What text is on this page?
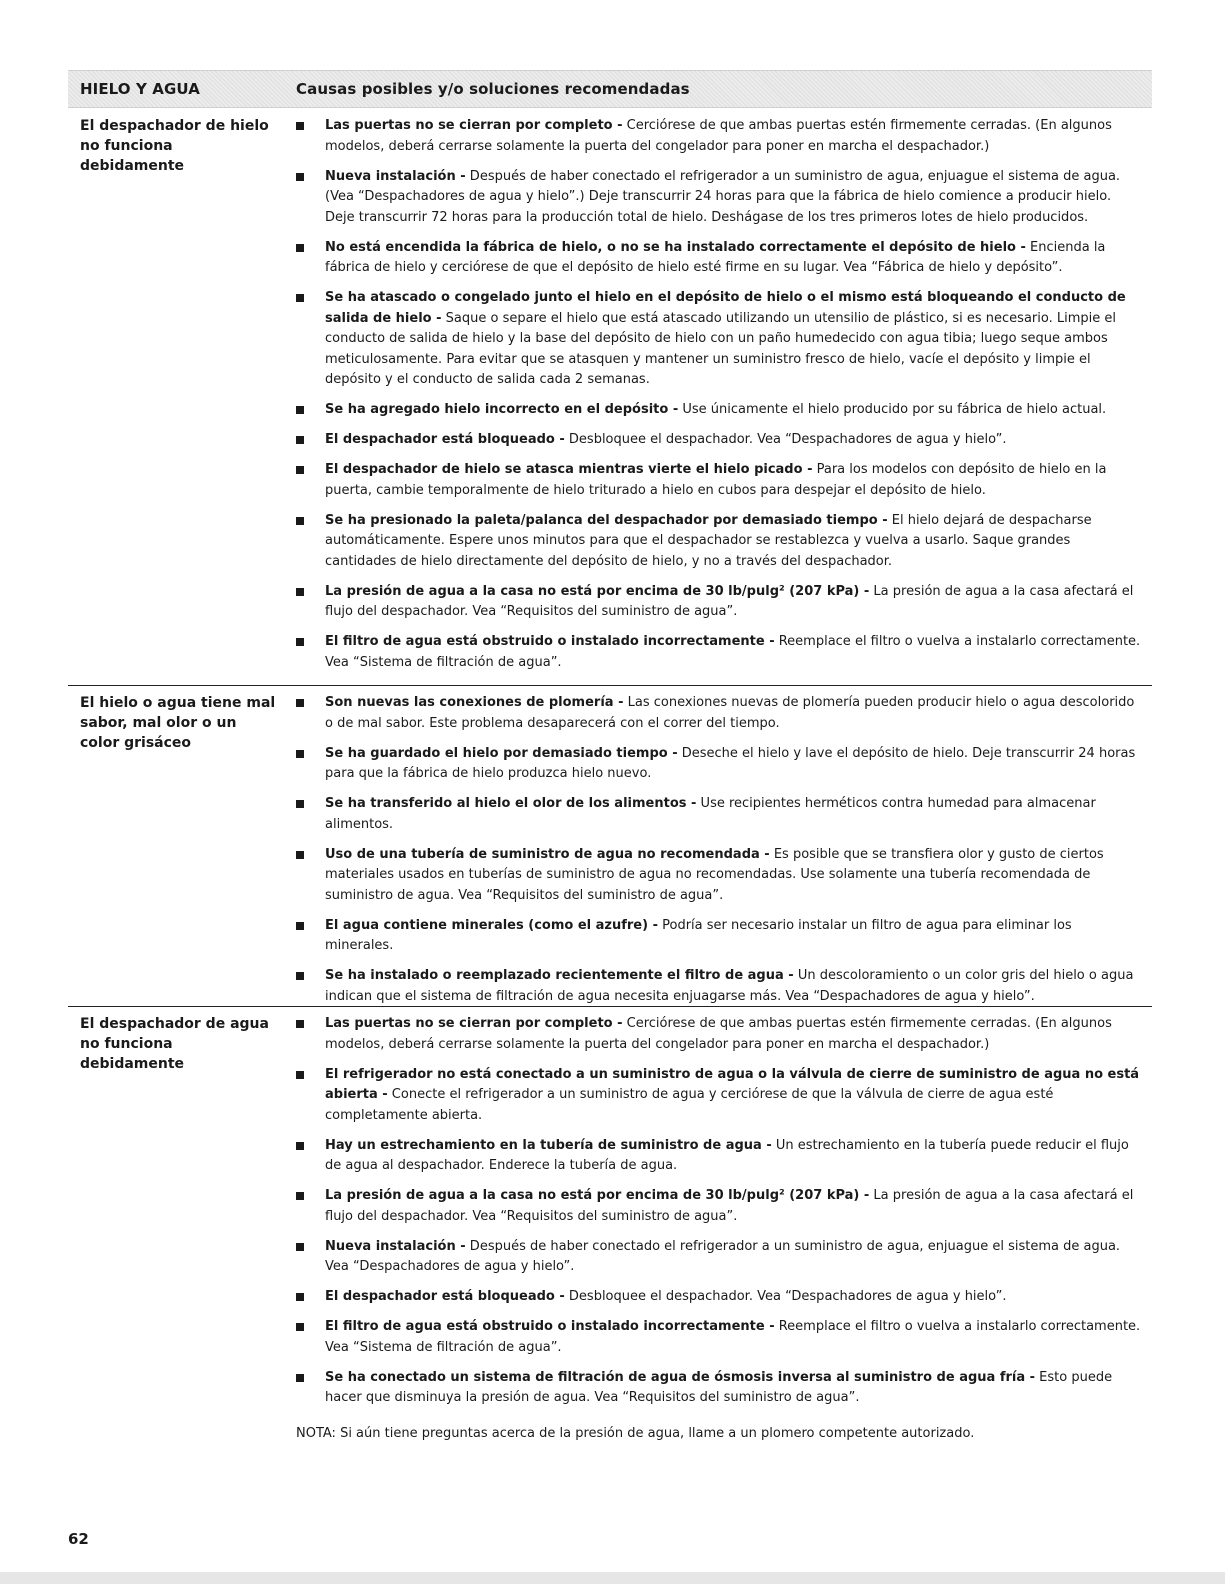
HIELO Y AGUA	Causas posibles y/o soluciones recomendadas
El despachador de hielo no funciona debidamente
Las puertas no se cierran por completo - Cerciórese de que ambas puertas estén firmemente cerradas. (En algunos modelos, deberá cerrarse solamente la puerta del congelador para poner en marcha el despachador.)
Nueva instalación - Después de haber conectado el refrigerador a un suministro de agua, enjuague el sistema de agua. (Vea “Despachadores de agua y hielo”.) Deje transcurrir 24 horas para que la fábrica de hielo comience a producir hielo. Deje transcurrir 72 horas para la producción total de hielo. Deshágase de los tres primeros lotes de hielo producidos.
No está encendida la fábrica de hielo, o no se ha instalado correctamente el depósito de hielo - Encienda la fábrica de hielo y cerciórese de que el depósito de hielo esté firme en su lugar. Vea “Fábrica de hielo y depósito”.
Se ha atascado o congelado junto el hielo en el depósito de hielo o el mismo está bloqueando el conducto de salida de hielo - Saque o separe el hielo que está atascado utilizando un utensilio de plástico, si es necesario. Limpie el conducto de salida de hielo y la base del depósito de hielo con un paño humedecido con agua tibia; luego seque ambos meticulosamente. Para evitar que se atasquen y mantener un suministro fresco de hielo, vacíe el depósito y limpie el depósito y el conducto de salida cada 2 semanas.
Se ha agregado hielo incorrecto en el depósito - Use únicamente el hielo producido por su fábrica de hielo actual.
El despachador está bloqueado - Desbloquee el despachador. Vea “Despachadores de agua y hielo”.
El despachador de hielo se atasca mientras vierte el hielo picado - Para los modelos con depósito de hielo en la puerta, cambie temporalmente de hielo triturado a hielo en cubos para despejar el depósito de hielo.
Se ha presionado la paleta/palanca del despachador por demasiado tiempo - El hielo dejará de despacharse automáticamente. Espere unos minutos para que el despachador se restablezca y vuelva a usarlo. Saque grandes cantidades de hielo directamente del depósito de hielo, y no a través del despachador.
La presión de agua a la casa no está por encima de 30 lb/pulg² (207 kPa) - La presión de agua a la casa afectará el flujo del despachador. Vea “Requisitos del suministro de agua”.
El filtro de agua está obstruido o instalado incorrectamente - Reemplace el filtro o vuelva a instalarlo correctamente. Vea “Sistema de filtración de agua”.
El hielo o agua tiene mal sabor, mal olor o un color grisáceo
Son nuevas las conexiones de plomería - Las conexiones nuevas de plomería pueden producir hielo o agua descolorido o de mal sabor. Este problema desaparecerá con el correr del tiempo.
Se ha guardado el hielo por demasiado tiempo - Deseche el hielo y lave el depósito de hielo. Deje transcurrir 24 horas para que la fábrica de hielo produzca hielo nuevo.
Se ha transferido al hielo el olor de los alimentos - Use recipientes herméticos contra humedad para almacenar alimentos.
Uso de una tubería de suministro de agua no recomendada - Es posible que se transfiera olor y gusto de ciertos materiales usados en tuberías de suministro de agua no recomendadas. Use solamente una tubería recomendada de suministro de agua. Vea “Requisitos del suministro de agua”.
El agua contiene minerales (como el azufre) - Podría ser necesario instalar un filtro de agua para eliminar los minerales.
Se ha instalado o reemplazado recientemente el filtro de agua - Un descoloramiento o un color gris del hielo o agua indican que el sistema de filtración de agua necesita enjuagarse más. Vea “Despachadores de agua y hielo”.
El despachador de agua no funciona debidamente
Las puertas no se cierran por completo - Cerciórese de que ambas puertas estén firmemente cerradas. (En algunos modelos, deberá cerrarse solamente la puerta del congelador para poner en marcha el despachador.)
El refrigerador no está conectado a un suministro de agua o la válvula de cierre de suministro de agua no está abierta - Conecte el refrigerador a un suministro de agua y cerciórese de que la válvula de cierre de agua esté completamente abierta.
Hay un estrechamiento en la tubería de suministro de agua - Un estrechamiento en la tubería puede reducir el flujo de agua al despachador. Enderece la tubería de agua.
La presión de agua a la casa no está por encima de 30 lb/pulg² (207 kPa) - La presión de agua a la casa afectará el flujo del despachador. Vea “Requisitos del suministro de agua”.
Nueva instalación - Después de haber conectado el refrigerador a un suministro de agua, enjuague el sistema de agua. Vea “Despachadores de agua y hielo”.
El despachador está bloqueado - Desbloquee el despachador. Vea “Despachadores de agua y hielo”.
El filtro de agua está obstruido o instalado incorrectamente - Reemplace el filtro o vuelva a instalarlo correctamente. Vea “Sistema de filtración de agua”.
Se ha conectado un sistema de filtración de agua de ósmosis inversa al suministro de agua fría - Esto puede hacer que disminuya la presión de agua. Vea “Requisitos del suministro de agua”.
NOTA: Si aún tiene preguntas acerca de la presión de agua, llame a un plomero competente autorizado.
62
